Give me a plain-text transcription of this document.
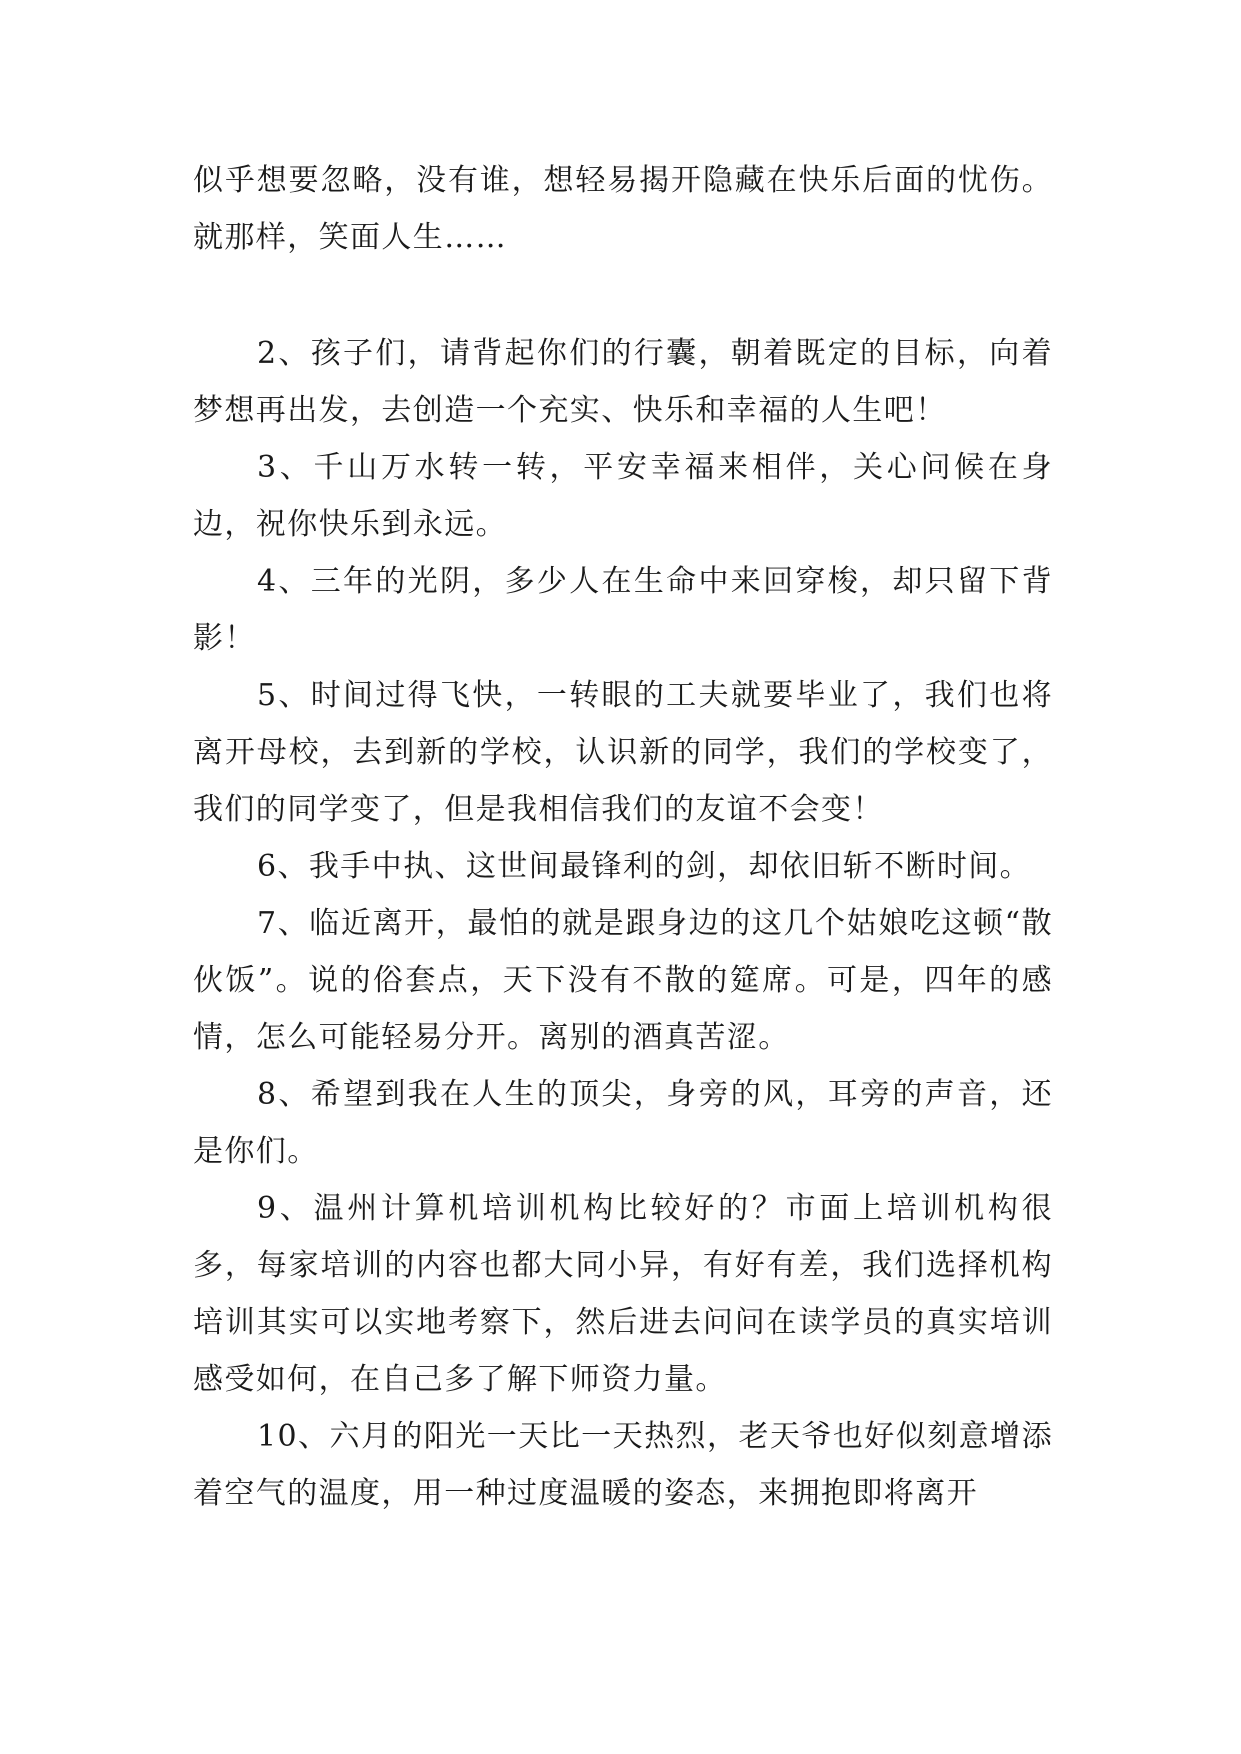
似乎想要忽略，没有谁，想轻易揭开隐藏在快乐后面的忧伤。就那样，笑面人生……

2、孩子们，请背起你们的行囊，朝着既定的目标，向着梦想再出发，去创造一个充实、快乐和幸福的人生吧！

3、千山万水转一转，平安幸福来相伴，关心问候在身边，祝你快乐到永远。

4、三年的光阴，多少人在生命中来回穿梭，却只留下背影！

5、时间过得飞快，一转眼的工夫就要毕业了，我们也将离开母校，去到新的学校，认识新的同学，我们的学校变了，我们的同学变了，但是我相信我们的友谊不会变！

6、我手中执、这世间最锋利的剑，却依旧斩不断时间。

7、临近离开，最怕的就是跟身边的这几个姑娘吃这顿“散伙饭”。说的俗套点，天下没有不散的筵席。可是，四年的感情，怎么可能轻易分开。离别的酒真苦涩。

8、希望到我在人生的顶尖，身旁的风，耳旁的声音，还是你们。

9、温州计算机培训机构比较好的？市面上培训机构很多，每家培训的内容也都大同小异，有好有差，我们选择机构培训其实可以实地考察下，然后进去问问在读学员的真实培训感受如何，在自己多了解下师资力量。

10、六月的阳光一天比一天热烈，老天爷也好似刻意增添着空气的温度，用一种过度温暖的姿态，来拥抱即将离开
